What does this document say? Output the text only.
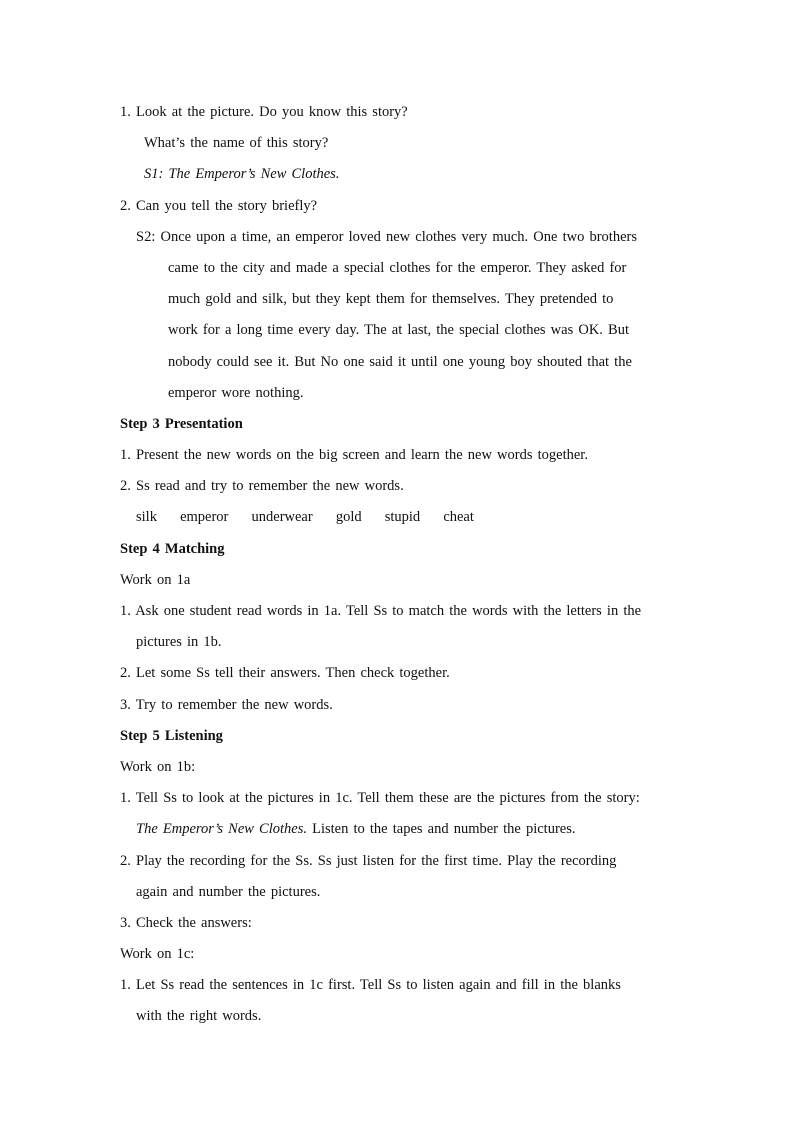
1. Look at the picture. Do you know this story?
What’s the name of this story?
S1: The Emperor’s New Clothes.
2. Can you tell the story briefly?
S2: Once upon a time, an emperor loved new clothes very much. One two brothers
came to the city and made a special clothes for the emperor. They asked for
much gold and silk, but they kept them for themselves. They pretended to
work for a long time every day. The at last, the special clothes was OK. But
nobody could see it. But No one said it until one young boy shouted that the
emperor wore nothing.
Step 3 Presentation
1. Present the new words on the big screen and learn the new words together.
2. Ss read and try to remember the new words.
silk emperor underwear gold stupid cheat
Step 4 Matching
Work on 1a
1. Ask one student read words in 1a. Tell Ss to match the words with the letters in the
pictures in 1b.
2. Let some Ss tell their answers. Then check together.
3. Try to remember the new words.
Step 5 Listening
Work on 1b:
1. Tell Ss to look at the pictures in 1c. Tell them these are the pictures from the story:
The Emperor’s New Clothes. Listen to the tapes and number the pictures.
2. Play the recording for the Ss. Ss just listen for the first time. Play the recording
again and number the pictures.
3. Check the answers:
Work on 1c:
1. Let Ss read the sentences in 1c first. Tell Ss to listen again and fill in the blanks
with the right words.
